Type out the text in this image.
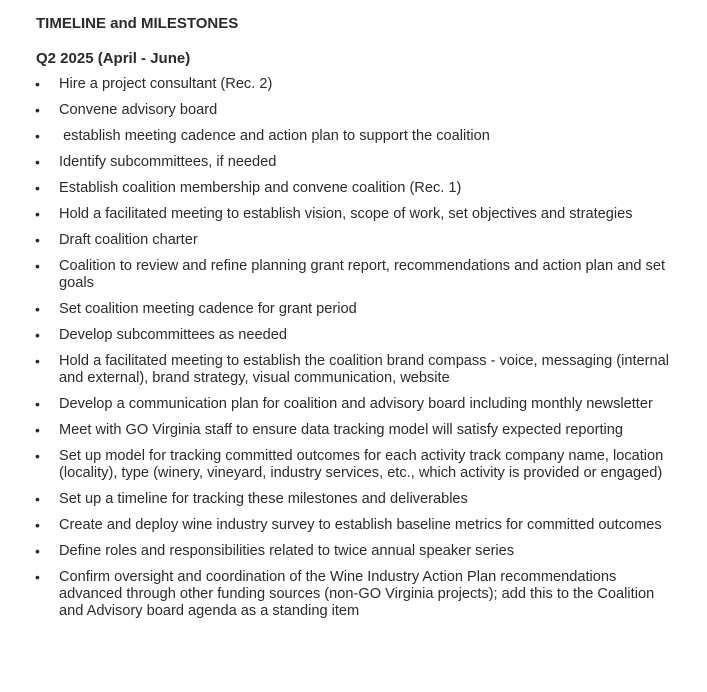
TIMELINE and MILESTONES
Q2 2025 (April - June)
•	Hire a project consultant (Rec. 2)
•	Convene advisory board
•	establish meeting cadence and action plan to support the coalition
•	Identify subcommittees, if needed
•	Establish coalition membership and convene coalition (Rec. 1)
•	Hold a facilitated meeting to establish vision, scope of work, set objectives and strategies
•	Draft coalition charter
•	Coalition to review and refine planning grant report, recommendations and action plan and set goals
•	Set coalition meeting cadence for grant period
•	Develop subcommittees as needed
•	Hold a facilitated meeting to establish the coalition brand compass - voice, messaging (internal and external), brand strategy, visual communication, website
•	Develop a communication plan for coalition and advisory board including monthly newsletter
•	Meet with GO Virginia staff to ensure data tracking model will satisfy expected reporting
•	Set up model for tracking committed outcomes for each activity track company name, location (locality), type (winery, vineyard, industry services, etc., which activity is provided or engaged)
•	Set up a timeline for tracking these milestones and deliverables
•	Create and deploy wine industry survey to establish baseline metrics for committed outcomes
•	Define roles and responsibilities related to twice annual speaker series
•	Confirm oversight and coordination of the Wine Industry Action Plan recommendations advanced through other funding sources (non-GO Virginia projects); add this to the Coalition and Advisory board agenda as a standing item
